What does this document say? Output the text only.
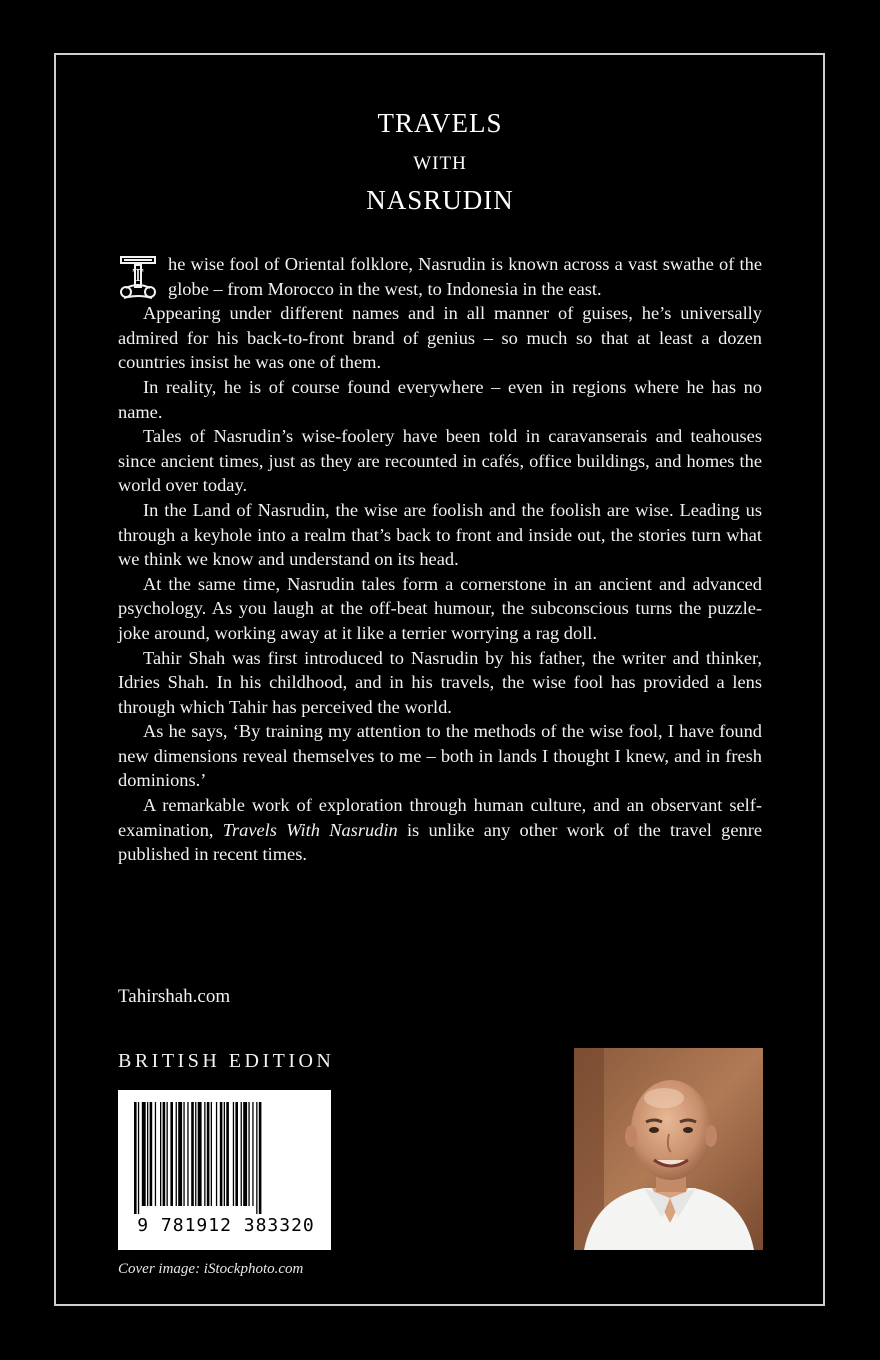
TRAVELS
WITH
NASRUDIN

T
he wise fool of Oriental folklore, Nasrudin is known across a vast swathe of the globe – from Morocco in the west, to Indonesia in the east.

Appearing under different names and in all manner of guises, he’s universally admired for his back-to-front brand of genius – so much so that at least a dozen countries insist he was one of them.

In reality, he is of course found everywhere – even in regions where he has no name.

Tales of Nasrudin’s wise-foolery have been told in caravanserais and teahouses since ancient times, just as they are recounted in cafés, office buildings, and homes the world over today.

In the Land of Nasrudin, the wise are foolish and the foolish are wise. Leading us through a keyhole into a realm that’s back to front and inside out, the stories turn what we think we know and understand on its head.

At the same time, Nasrudin tales form a cornerstone in an ancient and advanced psychology. As you laugh at the off-beat humour, the subconscious turns the puzzle-joke around, working away at it like a terrier worrying a rag doll.

Tahir Shah was first introduced to Nasrudin by his father, the writer and thinker, Idries Shah. In his childhood, and in his travels, the wise fool has provided a lens through which Tahir has perceived the world.

As he says, ‘By training my attention to the methods of the wise fool, I have found new dimensions reveal themselves to me – both in lands I thought I knew, and in fresh dominions.’

A remarkable work of exploration through human culture, and an observant self-examination, Travels With Nasrudin is unlike any other work of the travel genre published in recent times.

Tahirshah.com
BRITISH EDITION
9 781912 383320
Cover image: iStockphoto.com
